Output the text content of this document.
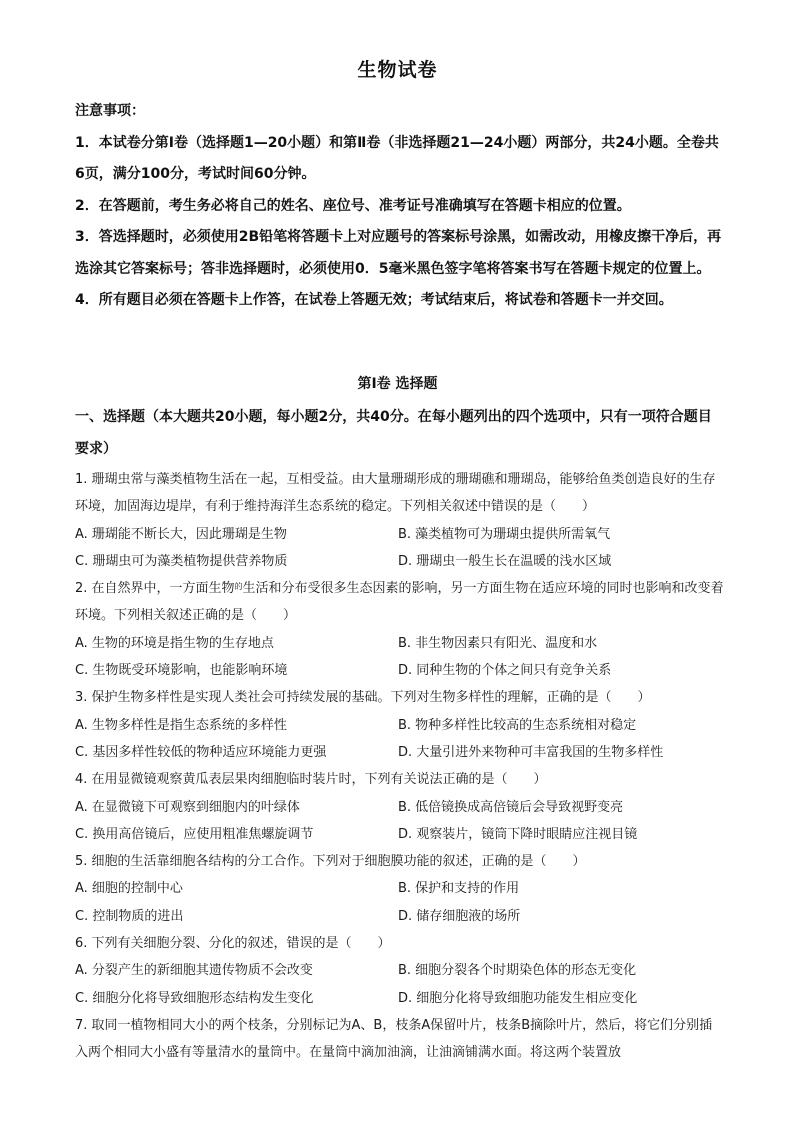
生物试卷
注意事项：
1．本试卷分第Ⅰ卷（选择题1—20小题）和第Ⅱ卷（非选择题21—24小题）两部分，共24小题。全卷共6页，满分100分，考试时间60分钟。
2．在答题前，考生务必将自己的姓名、座位号、准考证号准确填写在答题卡相应的位置。
3．答选择题时，必须使用2B铅笔将答题卡上对应题号的答案标号涂黑，如需改动，用橡皮擦干净后，再选涂其它答案标号；答非选择题时，必须使用0．5毫米黑色签字笔将答案书写在答题卡规定的位置上。
4．所有题目必须在答题卡上作答，在试卷上答题无效；考试结束后，将试卷和答题卡一并交回。
第Ⅰ卷 选择题
一、选择题（本大题共20小题，每小题2分，共40分。在每小题列出的四个选项中，只有一项符合题目要求）
1. 珊瑚虫常与藻类植物生活在一起，互相受益。由大量珊瑚形成的珊瑚礁和珊瑚岛，能够给鱼类创造良好的生存环境，加固海边堤岸，有利于维持海洋生态系统的稳定。下列相关叙述中错误的是（　　）
A. 珊瑚能不断长大，因此珊瑚是生物	B. 藻类植物可为珊瑚虫提供所需氧气
C. 珊瑚虫可为藻类植物提供营养物质	D. 珊瑚虫一般生长在温暖的浅水区域
2. 在自然界中，一方面生物$^的$生活和分布受很多生态因素的影响，另一方面生物在适应环境的同时也影响和改变着环境。下列相关叙述正确的是（　　）
A. 生物的环境是指生物的生存地点	B. 非生物因素只有阳光、温度和水
C. 生物既受环境影响，也能影响环境	D. 同种生物的个体之间只有竞争关系
3. 保护生物多样性是实现人类社会可持续发展的基础。下列对生物多样性的理解，正确的是（　　）
A. 生物多样性是指生态系统的多样性	B. 物种多样性比较高的生态系统相对稳定
C. 基因多样性较低的物种适应环境能力更强	D. 大量引进外来物种可丰富我国的生物多样性
4. 在用显微镜观察黄瓜表层果肉细胞临时装片时，下列有关说法正确的是（　　）
A. 在显微镜下可观察到细胞内的叶绿体	B. 低倍镜换成高倍镜后会导致视野变亮
C. 换用高倍镜后，应使用粗准焦螺旋调节	D. 观察装片，镜筒下降时眼睛应注视目镜
5. 细胞的生活靠细胞各结构的分工合作。下列对于细胞膜功能的叙述，正确的是（　　）
A. 细胞的控制中心	B. 保护和支持的作用
C. 控制物质的进出	D. 储存细胞液的场所
6. 下列有关细胞分裂、分化的叙述，错误的是（　　）
A. 分裂产生的新细胞其遗传物质不会改变	B. 细胞分裂各个时期染色体的形态无变化
C. 细胞分化将导致细胞形态结构发生变化	D. 细胞分化将导致细胞功能发生相应变化
7. 取同一植物相同大小的两个枝条，分别标记为A、B，枝条A保留叶片，枝条B摘除叶片，然后，将它们分别插入两个相同大小盛有等量清水的量筒中。在量筒中滴加油滴，让油滴铺满水面。将这两个装置放
